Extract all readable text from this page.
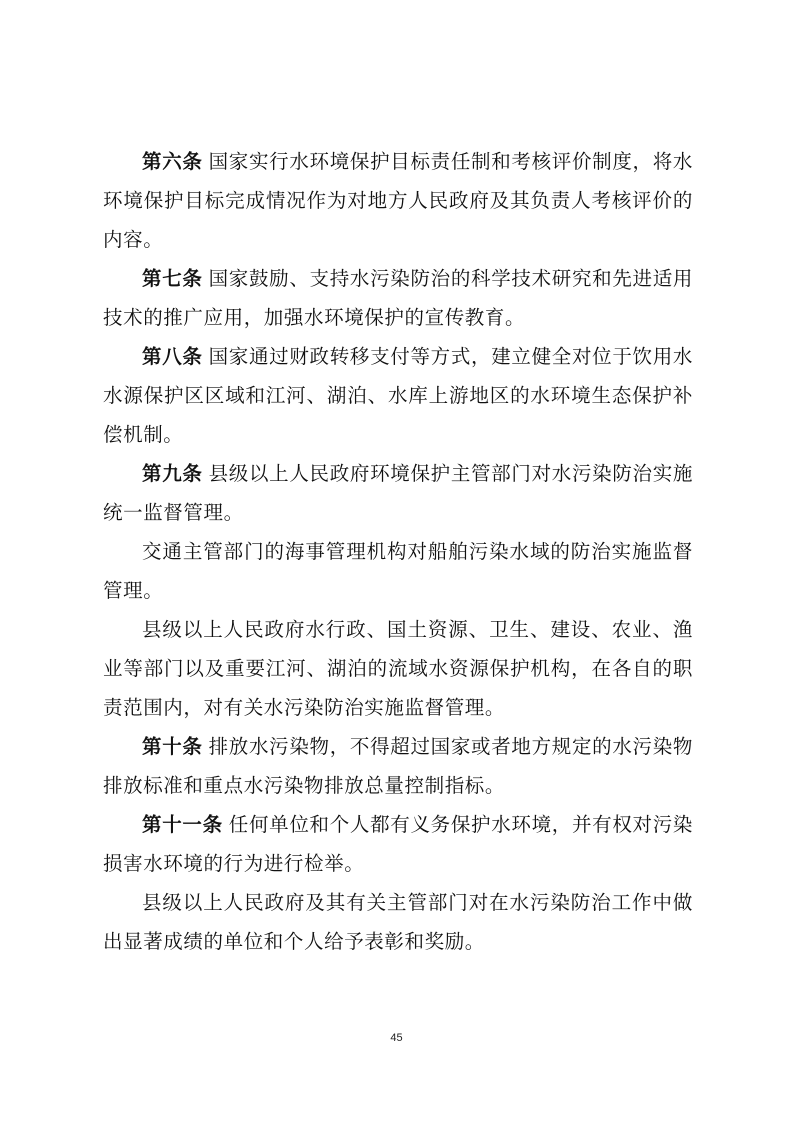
第六条 国家实行水环境保护目标责任制和考核评价制度，将水环境保护目标完成情况作为对地方人民政府及其负责人考核评价的内容。

第七条 国家鼓励、支持水污染防治的科学技术研究和先进适用技术的推广应用，加强水环境保护的宣传教育。

第八条 国家通过财政转移支付等方式，建立健全对位于饮用水水源保护区区域和江河、湖泊、水库上游地区的水环境生态保护补偿机制。

第九条 县级以上人民政府环境保护主管部门对水污染防治实施统一监督管理。

交通主管部门的海事管理机构对船舶污染水域的防治实施监督管理。

县级以上人民政府水行政、国土资源、卫生、建设、农业、渔业等部门以及重要江河、湖泊的流域水资源保护机构，在各自的职责范围内，对有关水污染防治实施监督管理。

第十条 排放水污染物，不得超过国家或者地方规定的水污染物排放标准和重点水污染物排放总量控制指标。

第十一条 任何单位和个人都有义务保护水环境，并有权对污染损害水环境的行为进行检举。

县级以上人民政府及其有关主管部门对在水污染防治工作中做出显著成绩的单位和个人给予表彰和奖励。

45
